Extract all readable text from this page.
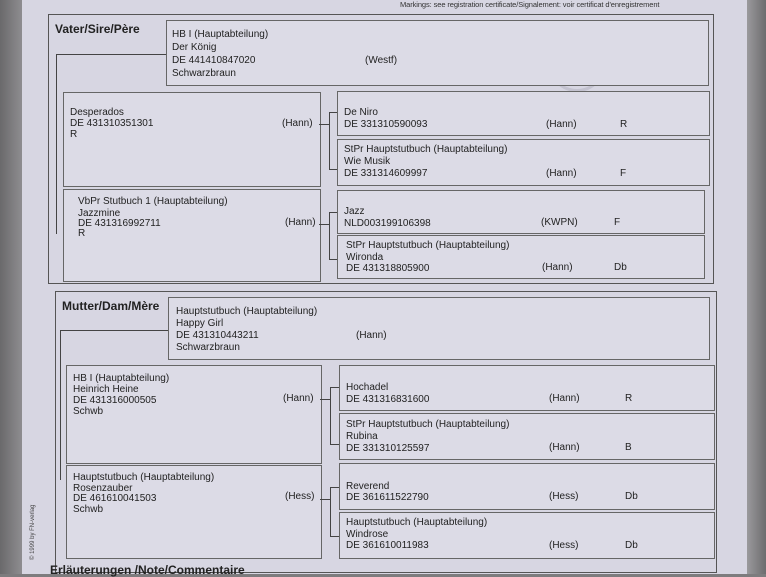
Markings: see registration certificate/Signalement: voir certificat d'enregistrement
Vater/Sire/Père	HB I (Hauptabteilung)
Der König
DE 441410847020
Schwarzbraun
(Westf)
Desperados
DE 431310351301
R
(Hann)
De Niro
DE 331310590093	(Hann)	R
StPr Hauptstutbuch (Hauptabteilung)
Wie Musik
DE 331314609997	(Hann)	F
VbPr Stutbuch 1 (Hauptabteilung)
Jazzmine
DE 431316992711
R
(Hann)
Jazz
NLD003199106398	(KWPN)	F
StPr Hauptstutbuch (Hauptabteilung)
Wironda
DE 431318805900	(Hann)	Db
Mutter/Dam/Mère Hauptstutbuch (Hauptabteilung)
Happy Girl
DE 431310443211
Schwarzbraun
(Hann)
HB I (Hauptabteilung)
Heinrich Heine
DE 431316000505
Schwb
(Hann)
Hochadel
DE 431316831600	(Hann)	R
StPr Hauptstutbuch (Hauptabteilung)
Rubina
DE 331310125597	(Hann)	B
Hauptstutbuch (Hauptabteilung)
Rosenzauber
DE 461610041503
Schwb
(Hess)
Reverend
DE 361611522790	(Hess)	Db
Hauptstutbuch (Hauptabteilung)
Windrose
DE 361610011983	(Hess)	Db
© 1999 by FN-verlag
Erläuterungen /Note/Commentaire
